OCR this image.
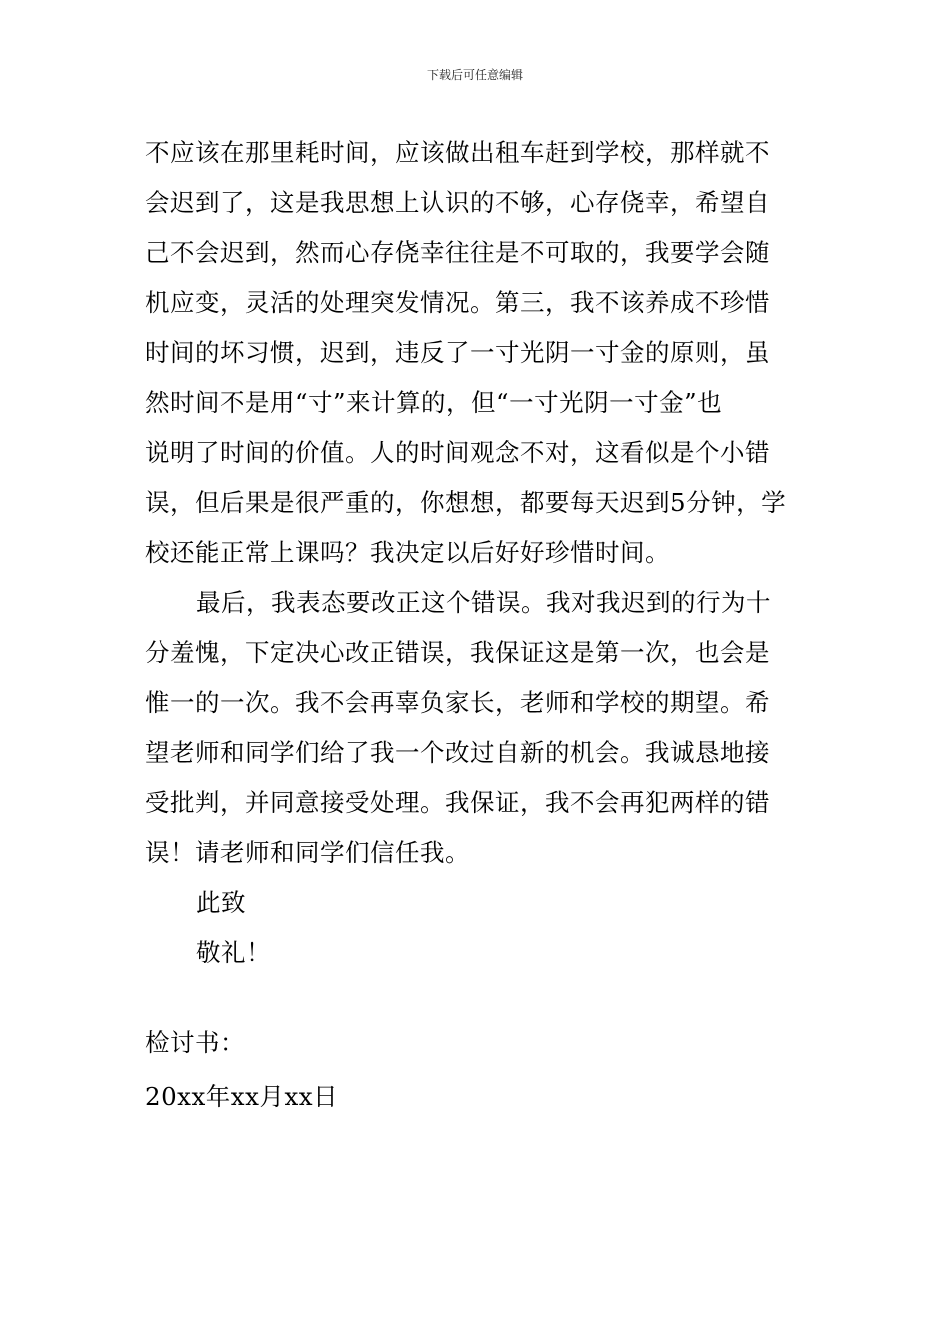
下载后可任意编辑
不应该在那里耗时间，应该做出租车赶到学校，那样就不
会迟到了，这是我思想上认识的不够，心存侥幸，希望自
己不会迟到，然而心存侥幸往往是不可取的，我要学会随
机应变，灵活的处理突发情况。第三，我不该养成不珍惜
时间的坏习惯，迟到，违反了一寸光阴一寸金的原则，虽
然时间不是用“寸”来计算的，但“一寸光阴一寸金”也
说明了时间的价值。人的时间观念不对，这看似是个小错
误，但后果是很严重的，你想想，都要每天迟到5分钟，学
校还能正常上课吗？我决定以后好好珍惜时间。
最后，我表态要改正这个错误。我对我迟到的行为十
分羞愧，下定决心改正错误，我保证这是第一次，也会是
惟一的一次。我不会再辜负家长，老师和学校的期望。希
望老师和同学们给了我一个改过自新的机会。我诚恳地接
受批判，并同意接受处理。我保证，我不会再犯两样的错
误！请老师和同学们信任我。
此致
敬礼！
检讨书：
20xx年xx月xx日
